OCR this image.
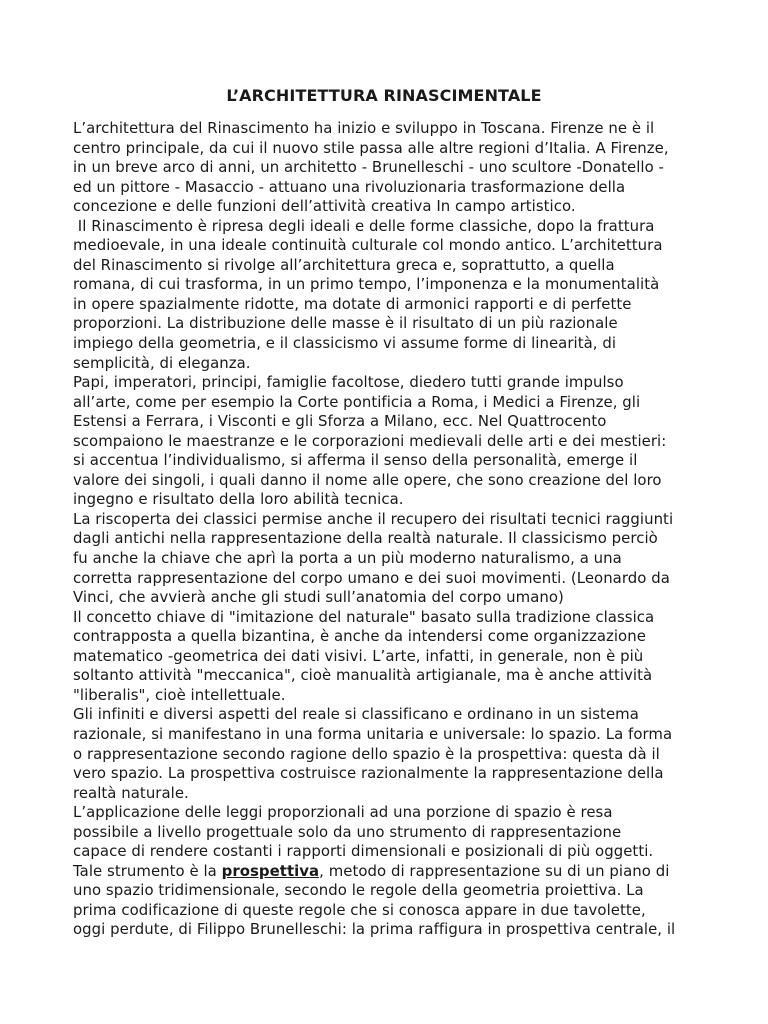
L’ARCHITETTURA RINASCIMENTALE
L’architettura del Rinascimento ha inizio e sviluppo in Toscana. Firenze ne è il
centro principale, da cui il nuovo stile passa alle altre regioni d’Italia. A Firenze,
in un breve arco di anni, un architetto - Brunelleschi - uno scultore -Donatello -
ed un pittore - Masaccio - attuano una rivoluzionaria trasformazione della
concezione e delle funzioni dell’attività creativa In campo artistico.
Il Rinascimento è ripresa degli ideali e delle forme classiche, dopo la frattura
medioevale, in una ideale continuità culturale col mondo antico. L’architettura
del Rinascimento si rivolge all’architettura greca e, soprattutto, a quella
romana, di cui trasforma, in un primo tempo, l’imponenza e la monumentalità
in opere spazialmente ridotte, ma dotate di armonici rapporti e di perfette
proporzioni. La distribuzione delle masse è il risultato di un più razionale
impiego della geometria, e il classicismo vi assume forme di linearità, di
semplicità, di eleganza.
Papi, imperatori, principi, famiglie facoltose, diedero tutti grande impulso
all’arte, come per esempio la Corte pontificia a Roma, i Medici a Firenze, gli
Estensi a Ferrara, i Visconti e gli Sforza a Milano, ecc. Nel Quattrocento
scompaiono le maestranze e le corporazioni medievali delle arti e dei mestieri:
si accentua l’individualismo, si afferma il senso della personalità, emerge il
valore dei singoli, i quali danno il nome alle opere, che sono creazione del loro
ingegno e risultato della loro abilità tecnica.
La riscoperta dei classici permise anche il recupero dei risultati tecnici raggiunti
dagli antichi nella rappresentazione della realtà naturale. Il classicismo perciò
fu anche la chiave che aprì la porta a un più moderno naturalismo, a una
corretta rappresentazione del corpo umano e dei suoi movimenti. (Leonardo da
Vinci, che avvierà anche gli studi sull’anatomia del corpo umano)
Il concetto chiave di "imitazione del naturale" basato sulla tradizione classica
contrapposta a quella bizantina, è anche da intendersi come organizzazione
matematico -geometrica dei dati visivi. L’arte, infatti, in generale, non è più
soltanto attività "meccanica", cioè manualità artigianale, ma è anche attività
"liberalis", cioè intellettuale.
Gli infiniti e diversi aspetti del reale si classificano e ordinano in un sistema
razionale, si manifestano in una forma unitaria e universale: lo spazio. La forma
o rappresentazione secondo ragione dello spazio è la prospettiva: questa dà il
vero spazio. La prospettiva costruisce razionalmente la rappresentazione della
realtà naturale.
L’applicazione delle leggi proporzionali ad una porzione di spazio è resa
possibile a livello progettuale solo da uno strumento di rappresentazione
capace di rendere costanti i rapporti dimensionali e posizionali di più oggetti.
Tale strumento è la prospettiva, metodo di rappresentazione su di un piano di
uno spazio tridimensionale, secondo le regole della geometria proiettiva. La
prima codificazione di queste regole che si conosca appare in due tavolette,
oggi perdute, di Filippo Brunelleschi: la prima raffigura in prospettiva centrale, il
